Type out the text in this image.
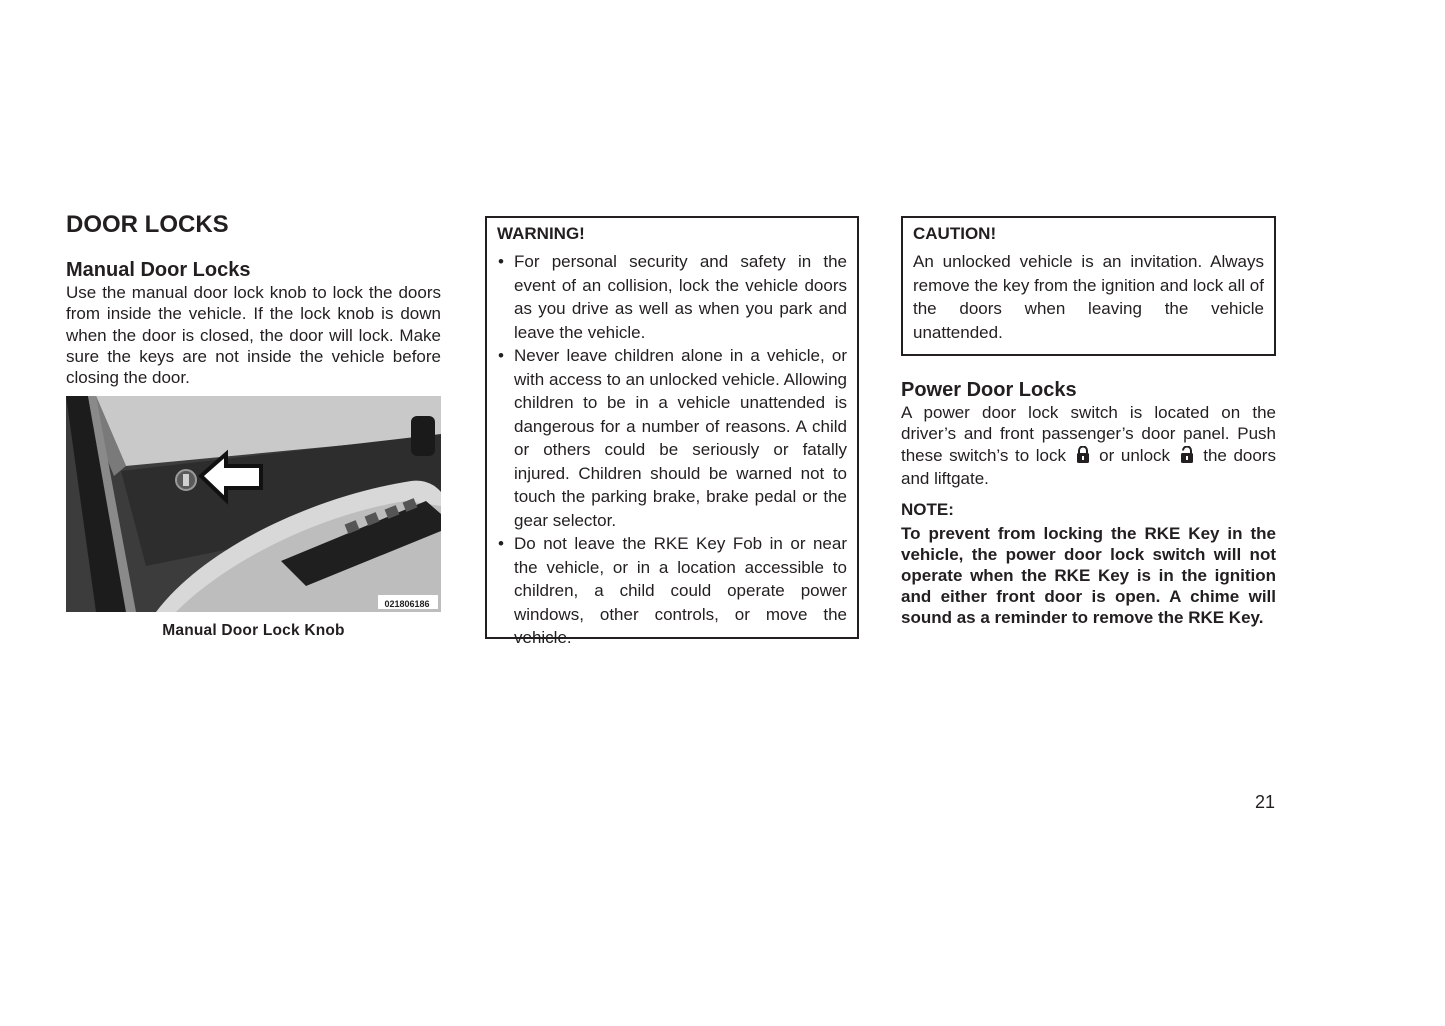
DOOR LOCKS
Manual Door Locks

Use the manual door lock knob to lock the doors from inside the vehicle. If the lock knob is down when the door is closed, the door will lock. Make sure the keys are not inside the vehicle before closing the door.

021806186
Manual Door Lock Knob
WARNING!
• For personal security and safety in the event of an collision, lock the vehicle doors as you drive as well as when you park and leave the vehicle.
• Never leave children alone in a vehicle, or with access to an unlocked vehicle. Allowing children to be in a vehicle unattended is dangerous for a number of reasons. A child or others could be seriously or fatally injured. Children should be warned not to touch the parking brake, brake pedal or the gear selector.
• Do not leave the RKE Key Fob in or near the vehicle, or in a location accessible to children, a child could operate power windows, other controls, or move the vehicle.
CAUTION!

An unlocked vehicle is an invitation. Always remove the key from the ignition and lock all of the doors when leaving the vehicle unattended.

Power Door Locks

A power door lock switch is located on the driver’s and front passenger’s door panel. Push these switch’s to lock or unlock the doors and liftgate.

NOTE:

To prevent from locking the RKE Key in the vehicle, the power door lock switch will not operate when the RKE Key is in the ignition and either front door is open. A chime will sound as a reminder to remove the RKE Key.

21
